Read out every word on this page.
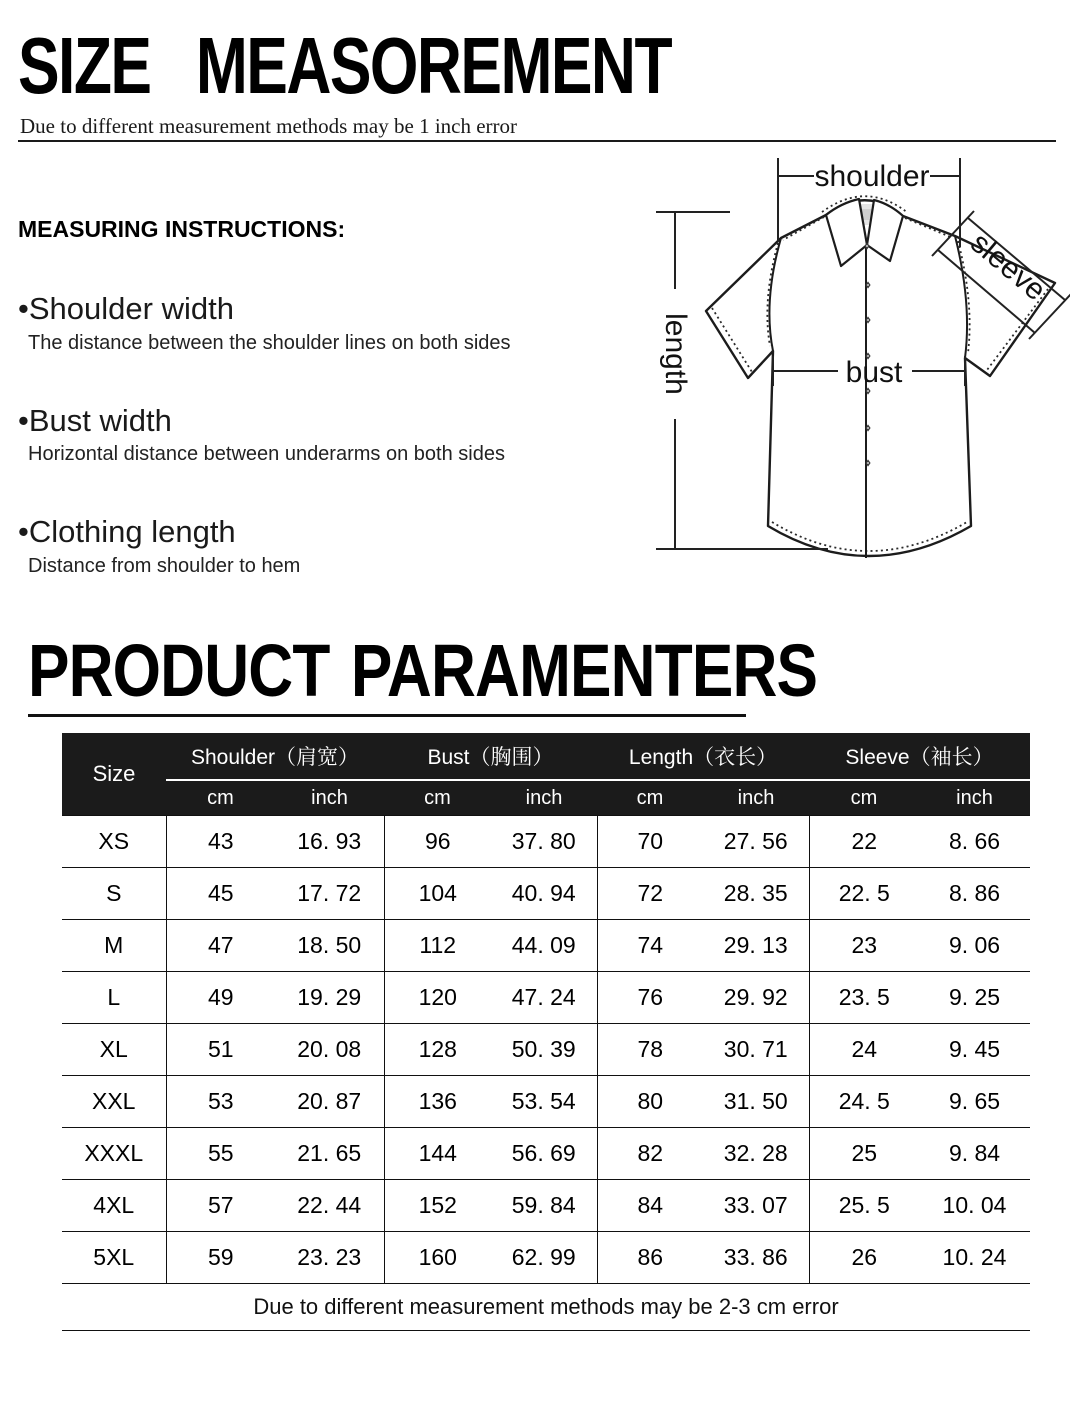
SIZE MEASOREMENT

Due to different measurement methods may be 1 inch error

MEASURING INSTRUCTIONS:
•Shoulder width
The distance between the shoulder lines on both sides
•Bust width
Horizontal distance between underarms on both sides
•Clothing length
Distance from shoulder to hem
shoulder
length	bust
sleeve
PRODUCT PARAMENTERS
Size	Shoulder（肩宽）		Bust（胸围）		Length（衣长）		Sleeve（袖长）	
	cm	inch	cm	inch	cm	inch	cm	inch
XS	43	16. 93	96	37. 80	70	27. 56	22	8. 66
S	45	17. 72	104	40. 94	72	28. 35	22. 5	8. 86
M	47	18. 50	112	44. 09	74	29. 13	23	9. 06
L	49	19. 29	120	47. 24	76	29. 92	23. 5	9. 25
XL	51	20. 08	128	50. 39	78	30. 71	24	9. 45
XXL	53	20. 87	136	53. 54	80	31. 50	24. 5	9. 65
XXXL	55	21. 65	144	56. 69	82	32. 28	25	9. 84
4XL	57	22. 44	152	59. 84	84	33. 07	25. 5	10. 04
5XL	59	23. 23	160	62. 99	86	33. 86	26	10. 24
Due to different measurement methods may be 2-3 cm error								
